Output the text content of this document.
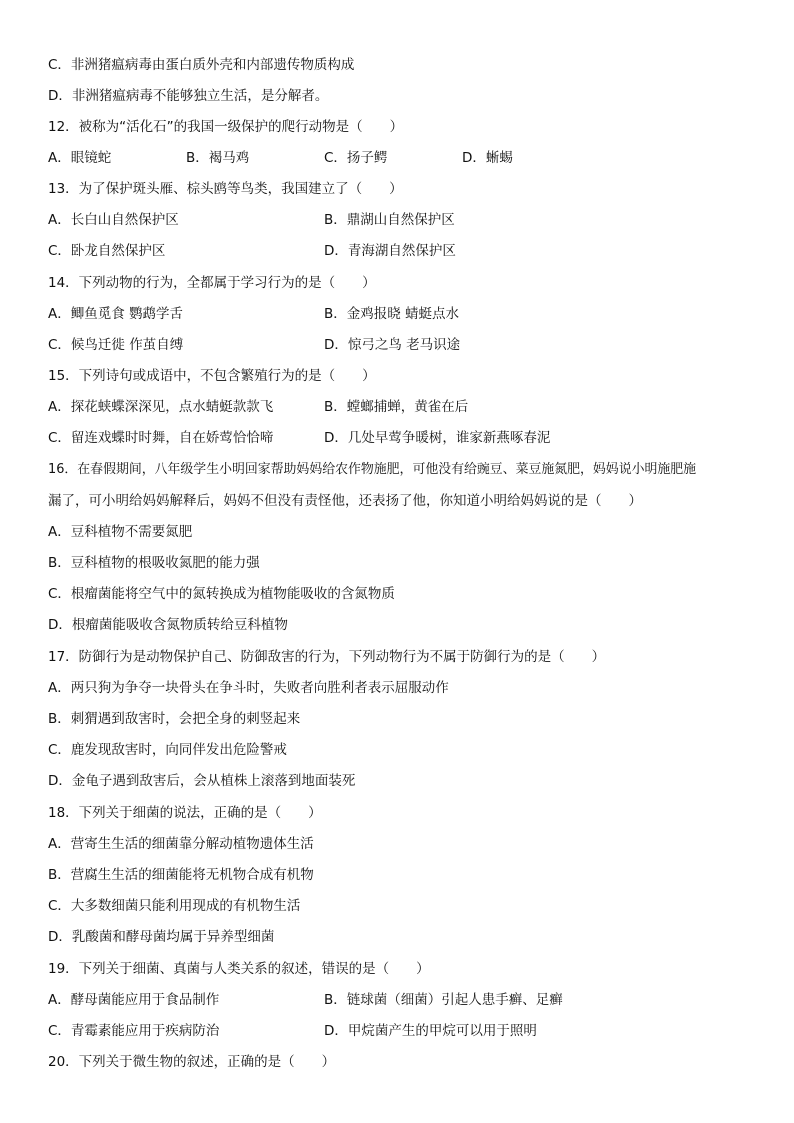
C．非洲猪瘟病毒由蛋白质外壳和内部遗传物质构成
D．非洲猪瘟病毒不能够独立生活，是分解者。
12．被称为“活化石”的我国一级保护的爬行动物是（　　）
A．眼镜蛇	B．褐马鸡	C．扬子鳄	D．蜥蜴
13．为了保护斑头雁、棕头鸥等鸟类，我国建立了（　　）
A．长白山自然保护区	B．鼎湖山自然保护区
C．卧龙自然保护区	D．青海湖自然保护区
14．下列动物的行为，全都属于学习行为的是（　　）
A．鲫鱼觅食 鹦鹉学舌	B．金鸡报晓 蜻蜓点水
C．候鸟迁徙 作茧自缚	D．惊弓之鸟 老马识途
15．下列诗句或成语中，不包含繁殖行为的是（　　）
A．探花蛱蝶深深见，点水蜻蜓款款飞	B．螳螂捕蝉，黄雀在后
C．留连戏蝶时时舞，自在娇莺恰恰啼	D．几处早莺争暖树，谁家新燕啄春泥
16．在春假期间，八年级学生小明回家帮助妈妈给农作物施肥，可他没有给豌豆、菜豆施氮肥，妈妈说小明施肥施
漏了，可小明给妈妈解释后，妈妈不但没有责怪他，还表扬了他，你知道小明给妈妈说的是（　　）
A．豆科植物不需要氮肥
B．豆科植物的根吸收氮肥的能力强
C．根瘤菌能将空气中的氮转换成为植物能吸收的含氮物质
D．根瘤菌能吸收含氮物质转给豆科植物
17．防御行为是动物保护自己、防御敌害的行为，下列动物行为不属于防御行为的是（　　）
A．两只狗为争夺一块骨头在争斗时，失败者向胜利者表示屈服动作
B．刺猬遇到敌害时，会把全身的刺竖起来
C．鹿发现敌害时，向同伴发出危险警戒
D．金龟子遇到敌害后，会从植株上滚落到地面装死
18．下列关于细菌的说法，正确的是（　　）
A．营寄生生活的细菌靠分解动植物遗体生活
B．营腐生生活的细菌能将无机物合成有机物
C．大多数细菌只能利用现成的有机物生活
D．乳酸菌和酵母菌均属于异养型细菌
19．下列关于细菌、真菌与人类关系的叙述，错误的是（　　）
A．酵母菌能应用于食品制作	B．链球菌（细菌）引起人患手癣、足癣
C．青霉素能应用于疾病防治	D．甲烷菌产生的甲烷可以用于照明
20．下列关于微生物的叙述，正确的是（　　）
